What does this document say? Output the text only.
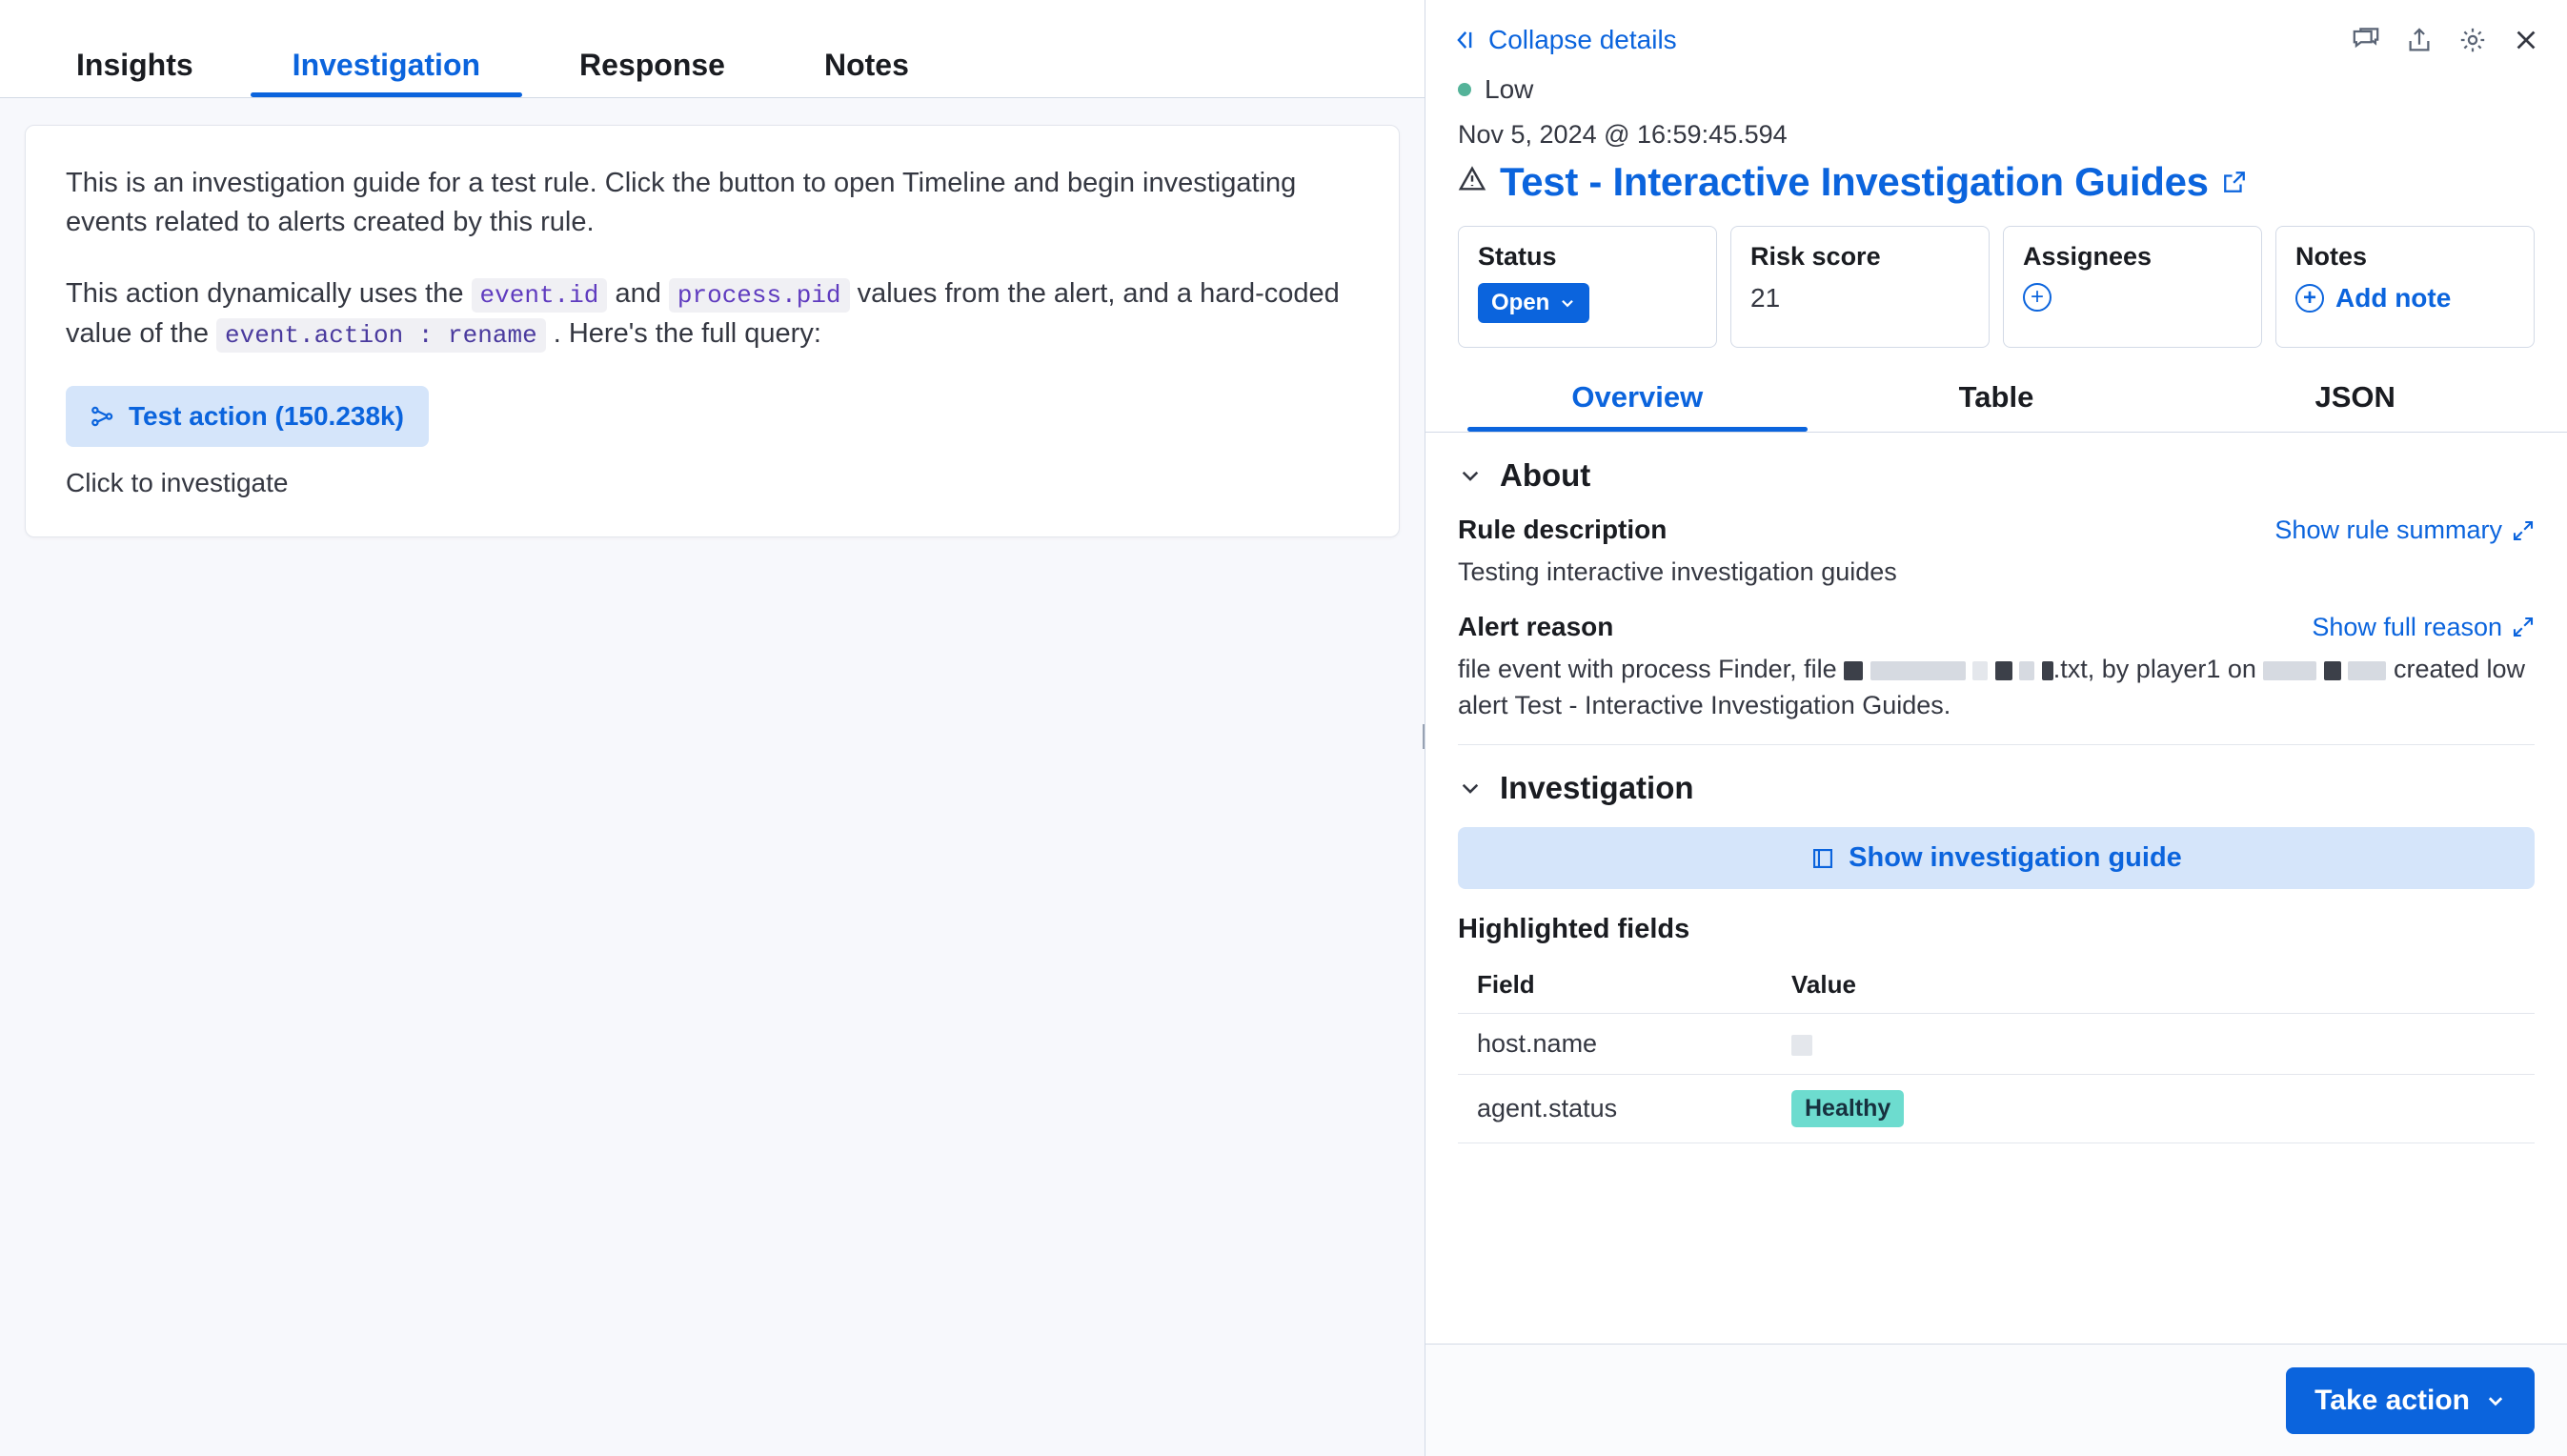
Insights	Investigation	Response	Notes
This is an investigation guide for a test rule. Click the button to open Timeline and begin investigating events related to alerts created by this rule.
This action dynamically uses the event.id and process.pid values from the alert, and a hard-coded value of the event.action : rename . Here's the full query:
Test action (150.238k)
Click to investigate
Collapse details
Low
Nov 5, 2024 @ 16:59:45.594
Test - Interactive Investigation Guides
Status
Open
Risk score
21
Assignees
+
Notes
+ Add note
Overview	Table	JSON
About
Rule description	Show rule summary
Testing interactive investigation guides
Alert reason	Show full reason
file event with process Finder, file	.txt, by player1 on	created low alert Test - Interactive Investigation Guides.
Investigation
Show investigation guide
Highlighted fields
Field	Value
host.name	
agent.status	Healthy
Take action
